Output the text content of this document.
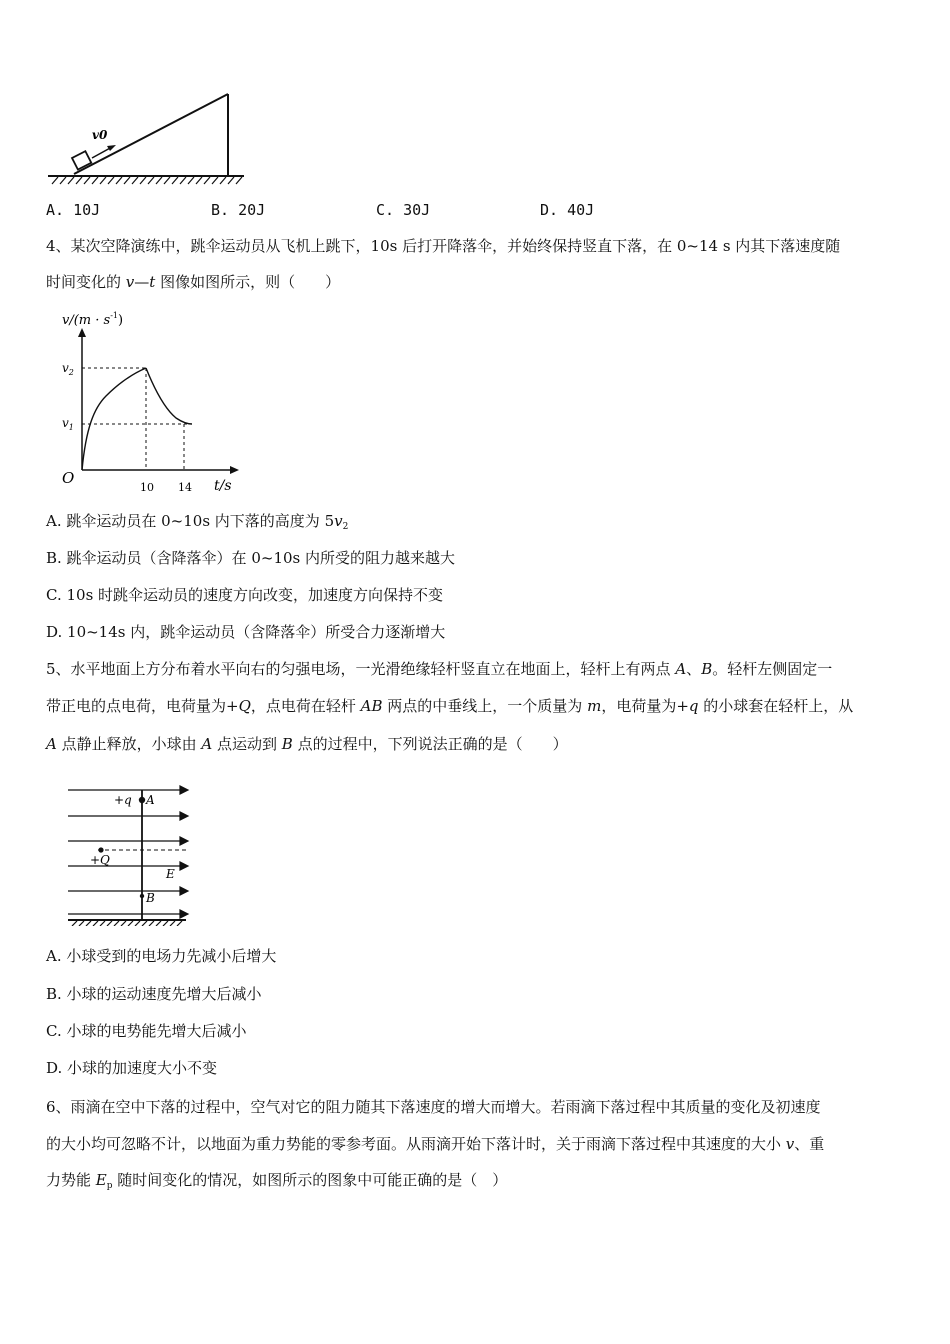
v0
A. 10J	B. 20J	C. 30J	D. 40J
4、某次空降演练中，跳伞运动员从飞机上跳下，10s 后打开降落伞，并始终保持竖直下落，在 0~14 s 内其下落速度随
时间变化的 v—t 图像如图所示，则（　　）
$v/(m \cdot s^{-1})$
$v_2$
$v_1$
O
10 14 t/s
A. 跳伞运动员在 0~10s 内下落的高度为 $5v_2$
B. 跳伞运动员（含降落伞）在 0~10s 内所受的阻力越来越大
C. 10s 时跳伞运动员的速度方向改变，加速度方向保持不变
D. 10~14s 内，跳伞运动员（含降落伞）所受合力逐渐增大
5、水平地面上方分布着水平向右的匀强电场，一光滑绝缘轻杆竖直立在地面上，轻杆上有两点 A、B。轻杆左侧固定一
带正电的点电荷，电荷量为+Q，点电荷在轻杆 AB 两点的中垂线上，一个质量为 m，电荷量为+q 的小球套在轻杆上，从
A 点静止释放，小球由 A 点运动到 B 点的过程中，下列说法正确的是（　　）
+q A
+Q
E
B
A. 小球受到的电场力先减小后增大
B. 小球的运动速度先增大后减小
C. 小球的电势能先增大后减小
D. 小球的加速度大小不变
6、雨滴在空中下落的过程中，空气对它的阻力随其下落速度的增大而增大。若雨滴下落过程中其质量的变化及初速度
的大小均可忽略不计，以地面为重力势能的零参考面。从雨滴开始下落计时，关于雨滴下落过程中其速度的大小 v、重
力势能 $E_p$ 随时间变化的情况，如图所示的图象中可能正确的是（　）
